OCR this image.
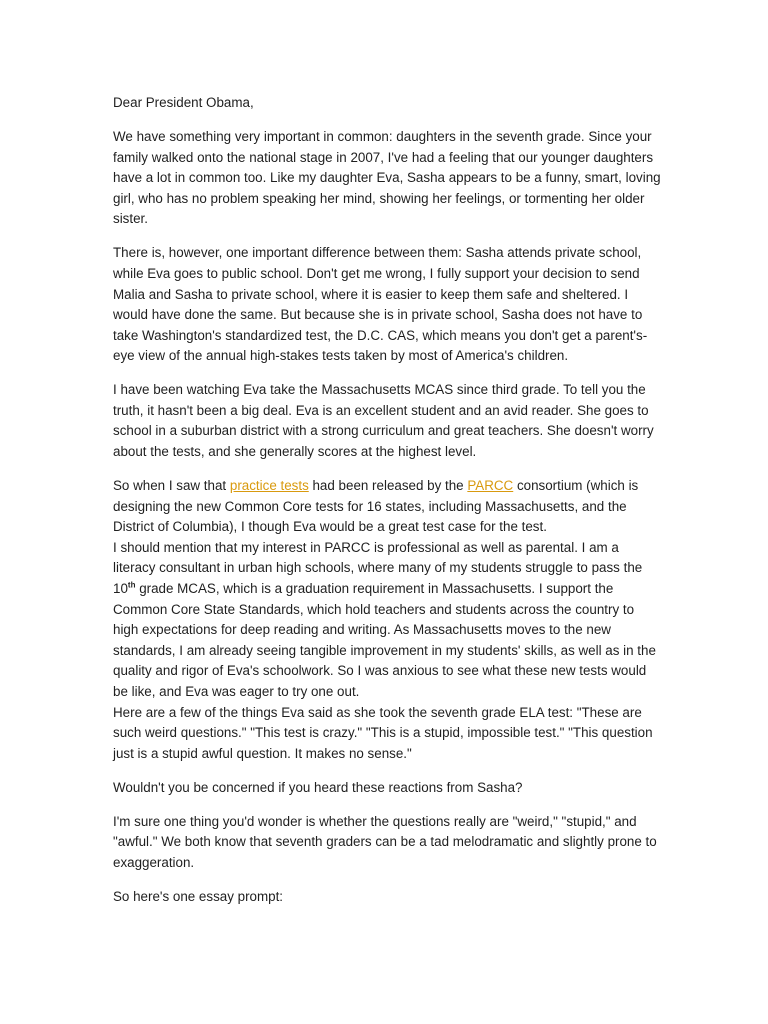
Dear President Obama,

We have something very important in common: daughters in the seventh grade. Since your family walked onto the national stage in 2007, I've had a feeling that our younger daughters have a lot in common too. Like my daughter Eva, Sasha appears to be a funny, smart, loving girl, who has no problem speaking her mind, showing her feelings, or tormenting her older sister.

There is, however, one important difference between them: Sasha attends private school, while Eva goes to public school. Don't get me wrong, I fully support your decision to send Malia and Sasha to private school, where it is easier to keep them safe and sheltered. I would have done the same. But because she is in private school, Sasha does not have to take Washington's standardized test, the D.C. CAS, which means you don't get a parent's-eye view of the annual high-stakes tests taken by most of America's children.

I have been watching Eva take the Massachusetts MCAS since third grade. To tell you the truth, it hasn't been a big deal. Eva is an excellent student and an avid reader. She goes to school in a suburban district with a strong curriculum and great teachers. She doesn't worry about the tests, and she generally scores at the highest level.

So when I saw that practice tests had been released by the PARCC consortium (which is designing the new Common Core tests for 16 states, including Massachusetts, and the District of Columbia), I though Eva would be a great test case for the test.

I should mention that my interest in PARCC is professional as well as parental. I am a literacy consultant in urban high schools, where many of my students struggle to pass the 10th grade MCAS, which is a graduation requirement in Massachusetts. I support the Common Core State Standards, which hold teachers and students across the country to high expectations for deep reading and writing. As Massachusetts moves to the new standards, I am already seeing tangible improvement in my students' skills, as well as in the quality and rigor of Eva's schoolwork. So I was anxious to see what these new tests would be like, and Eva was eager to try one out.

Here are a few of the things Eva said as she took the seventh grade ELA test: "These are such weird questions." "This test is crazy." "This is a stupid, impossible test." "This question just is a stupid awful question. It makes no sense."

Wouldn't you be concerned if you heard these reactions from Sasha?

I'm sure one thing you'd wonder is whether the questions really are "weird," "stupid," and "awful." We both know that seventh graders can be a tad melodramatic and slightly prone to exaggeration.

So here's one essay prompt:
